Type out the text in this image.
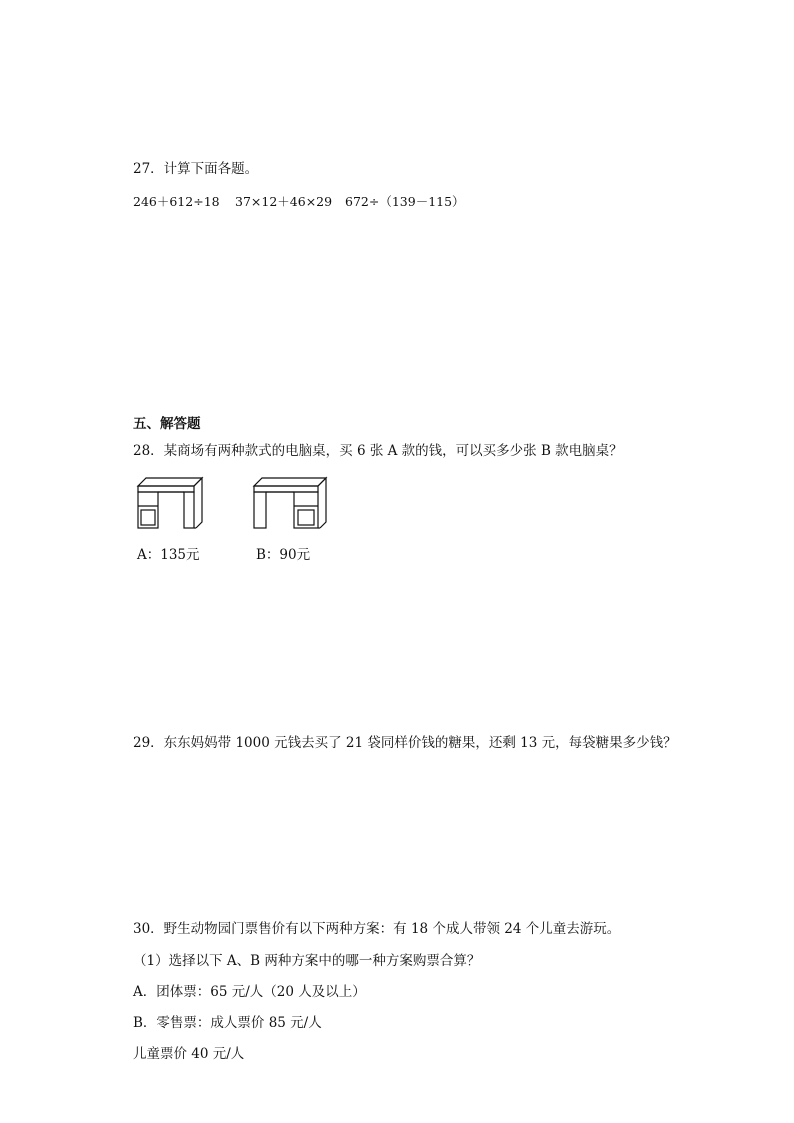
27．计算下面各题。
246＋612÷18 37×12＋46×29 672÷（139－115）
五、解答题
28．某商场有两种款式的电脑桌，买 6 张 A 款的钱，可以买多少张 B 款电脑桌？
A：135元	B：90元
29．东东妈妈带 1000 元钱去买了 21 袋同样价钱的糖果，还剩 13 元，每袋糖果多少钱？
30．野生动物园门票售价有以下两种方案：有 18 个成人带领 24 个儿童去游玩。
（1）选择以下 A、B 两种方案中的哪一种方案购票合算？
A．团体票：65 元/人（20 人及以上）
B．零售票：成人票价 85 元/人
儿童票价 40 元/人
